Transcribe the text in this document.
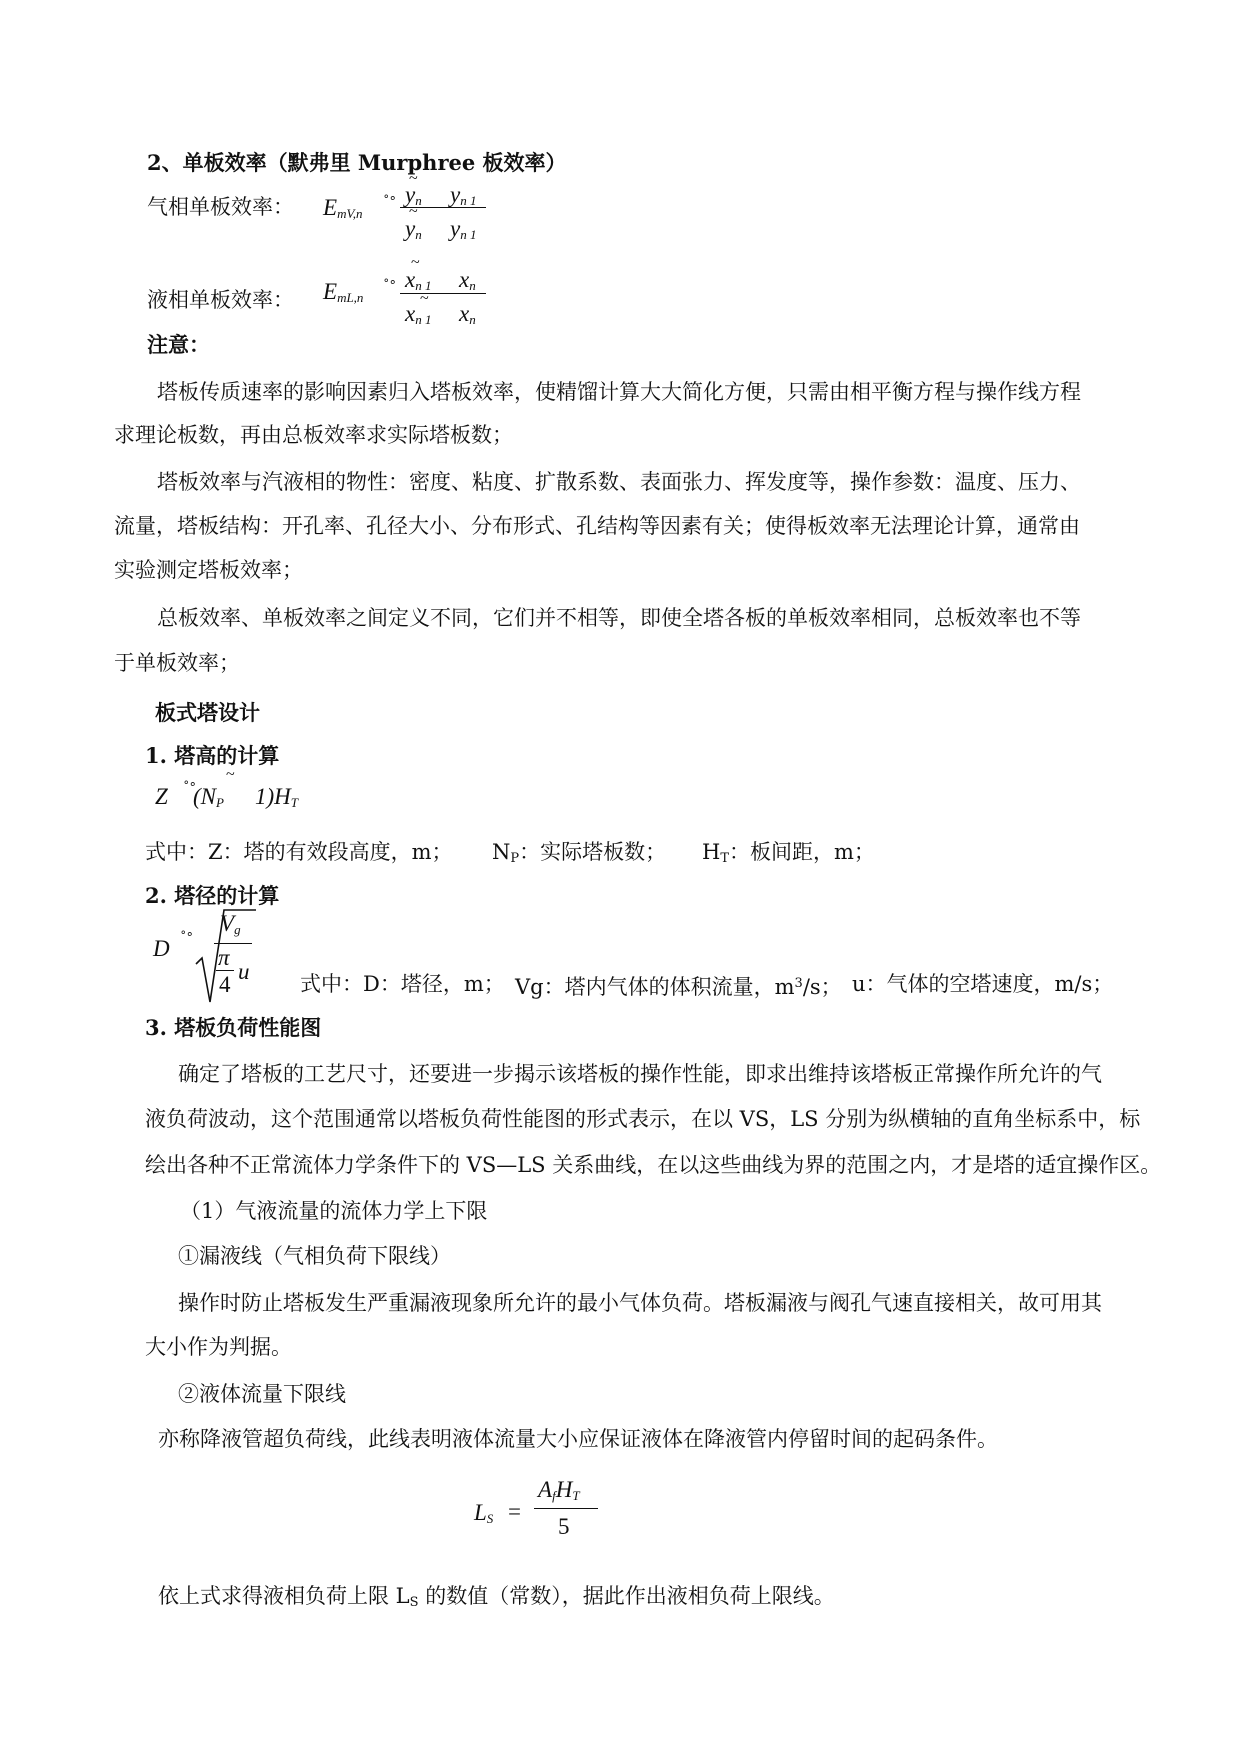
2、单板效率（默弗里 Murphree 板效率）
气相单板效率： $E_{mV,n}$
˚°
~
$y_n$ $y_{n 1}$
~
$y_n$ $y_{n 1}$
液相单板效率： $E_{mL,n}$
˚°
~
$x_{n 1}$ $x_n$
~
$x_{n 1}$ $x_n$
注意：
塔板传质速率的影响因素归入塔板效率，使精馏计算大大简化方便，只需由相平衡方程与操作线方程
求理论板数，再由总板效率求实际塔板数；
塔板效率与汽液相的物性：密度、粘度、扩散系数、表面张力、挥发度等，操作参数：温度、压力、
流量，塔板结构：开孔率、孔径大小、分布形式、孔结构等因素有关；使得板效率无法理论计算，通常由
实验测定塔板效率；
总板效率、单板效率之间定义不同，它们并不相等，即使全塔各板的单板效率相同，总板效率也不等
于单板效率；
板式塔设计
1. 塔高的计算
Z ˚°
~
($N_P$ $1)H_T$
式中：Z：塔的有效段高度，m； $N_P$：实际塔板数； $H_T$：板间距，m；
2. 塔径的计算
D ˚°
$V_g$
π
4
u 式中：D：塔径，m； Vg：塔内气体的体积流量，$m^3/s$； u：气体的空塔速度，m/s；
3. 塔板负荷性能图
确定了塔板的工艺尺寸，还要进一步揭示该塔板的操作性能，即求出维持该塔板正常操作所允许的气
液负荷波动，这个范围通常以塔板负荷性能图的形式表示，在以 VS，LS 分别为纵横轴的直角坐标系中，标
绘出各种不正常流体力学条件下的 VS—LS 关系曲线，在以这些曲线为界的范围之内，才是塔的适宜操作区。
（1）气液流量的流体力学上下限
①漏液线（气相负荷下限线）
操作时防止塔板发生严重漏液现象所允许的最小气体负荷。塔板漏液与阀孔气速直接相关，故可用其
大小作为判据。
②液体流量下限线
亦称降液管超负荷线，此线表明液体流量大小应保证液体在降液管内停留时间的起码条件。
$L_S$ =
$A_fH_T$
5
依上式求得液相负荷上限 $L_S$ 的数值（常数），据此作出液相负荷上限线。
